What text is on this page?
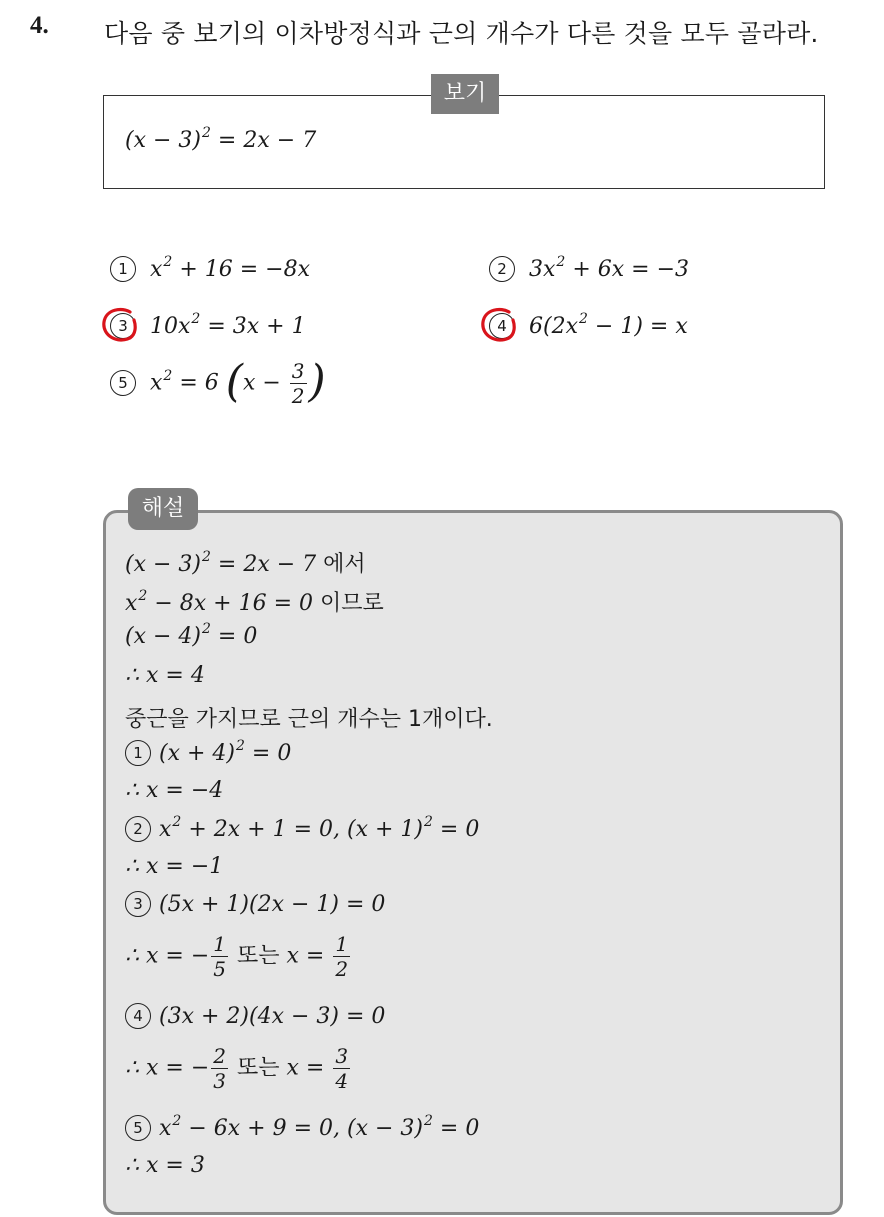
4. 다음 중 보기의 이차방정식과 근의 개수가 다른 것을 모두 골라라.
보기
$(x - 3)^2 = 2x - 7$
1 $x^2 + 16 = -8x$	2 $3x^2 + 6x = -3$
3 $10x^2 = 3x + 1$	4 $6(2x^2 - 1) = x$
5 $x^2 = 6$ ($x - \frac{3}{2}$ )
해설
$(x - 3)^2 = 2x - 7$ 에서
$x^2 - 8x + 16 = 0$ 이므로
$(x - 4)^2 = 0$
∴ x = 4
중근을 가지므로 근의 개수는 1개이다.
1 $(x + 4)^2 = 0$
∴ x = −4
2 $x^2 + 2x + 1 = 0$, $(x + 1)^2 = 0$
∴ x = −1
3 (5x + 1)(2x − 1) = 0
∴ x = − $\frac{1}{5}$ 또는 $x = \frac{1}{2}$
4 (3x + 2)(4x − 3) = 0
∴ x = − $\frac{2}{3}$ 또는 $x = \frac{3}{4}$
5 $x^2 - 6x + 9 = 0$, $(x - 3)^2 = 0$
∴ x = 3
